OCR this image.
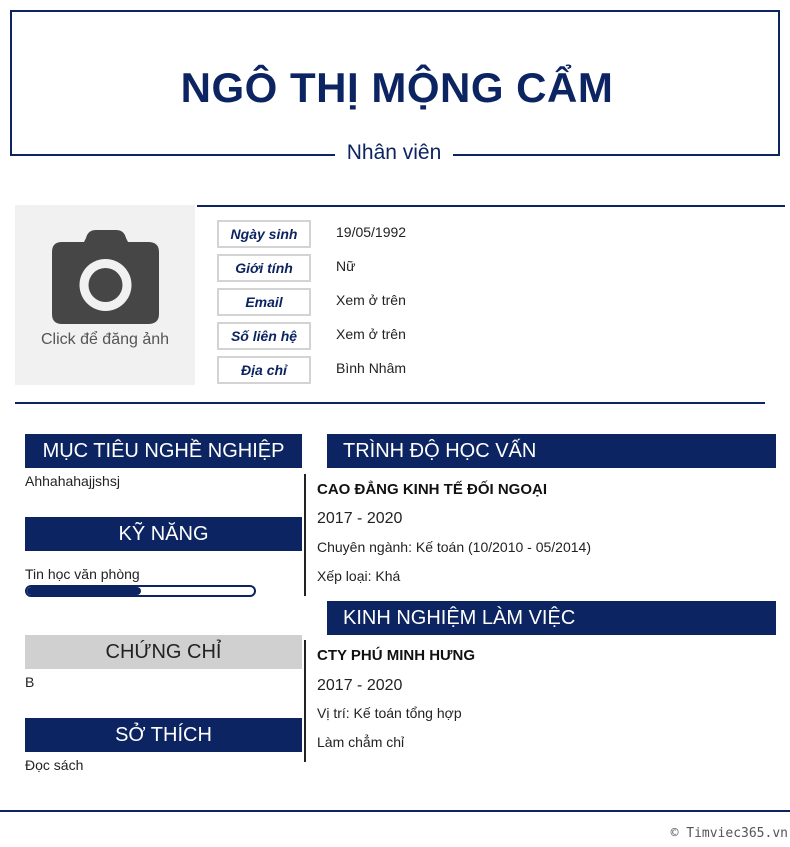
NGÔ THỊ MỘNG CẨM
Nhân viên
Click để đăng ảnh
Ngày sinh	19/05/1992
Giới tính	Nữ
Email	Xem ở trên
Số liên hệ	Xem ở trên
Địa chỉ	Bình Nhâm
MỤC TIÊU NGHỀ NGHIỆP
Ahhahahajjshsj
KỸ NĂNG
Tin học văn phòng
CHỨNG CHỈ
B
SỞ THÍCH
Đọc sách
TRÌNH ĐỘ HỌC VẤN
CAO ĐẲNG KINH TẾ ĐỐI NGOẠI
2017 - 2020
Chuyên ngành: Kế toán (10/2010 - 05/2014)
Xếp loại: Khá
KINH NGHIỆM LÀM VIỆC
CTY PHÚ MINH HƯNG
2017 - 2020
Vị trí: Kế toán tổng hợp
Làm chẳm chỉ
© Timviec365.vn
